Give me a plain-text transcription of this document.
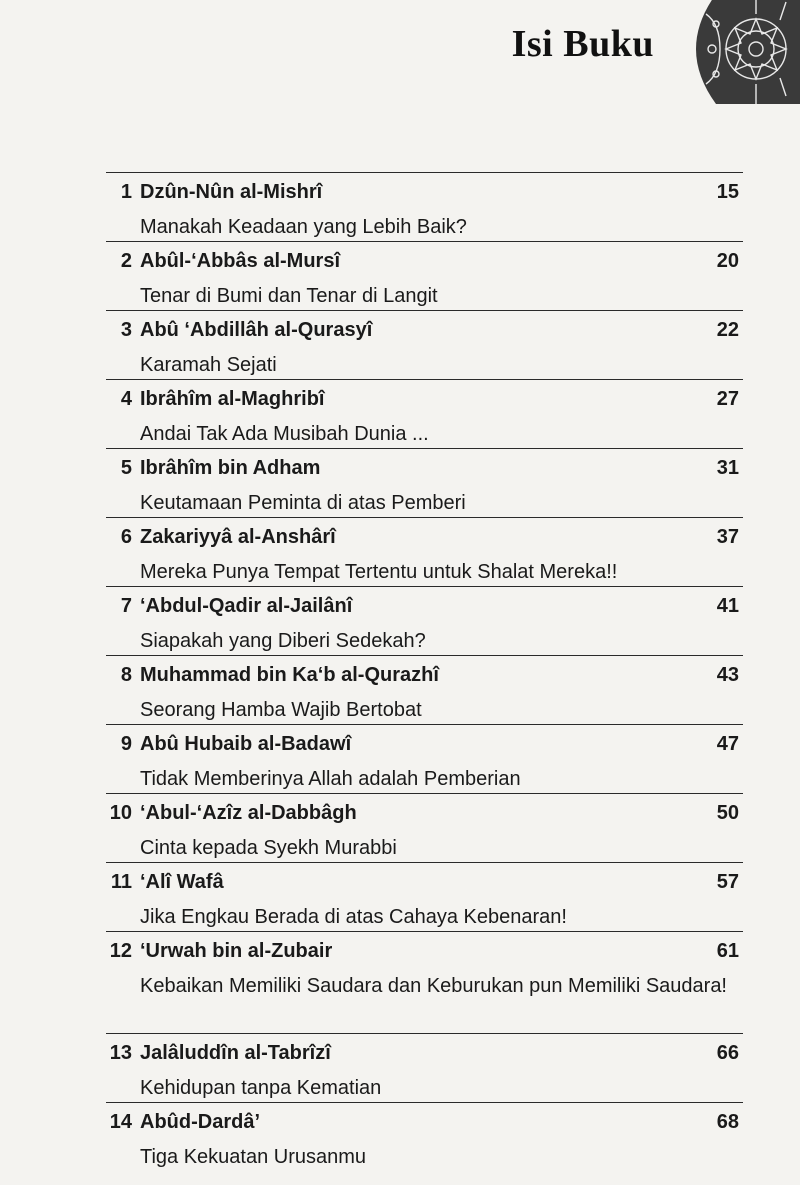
Isi Buku
1 Dzûn-Nûn al-Mishrî	15
Manakah Keadaan yang Lebih Baik?
2 Abûl-‘Abbâs al-Mursî	20
Tenar di Bumi dan Tenar di Langit
3 Abû ‘Abdillâh al-Qurasyî	22
Karamah Sejati
4 Ibrâhîm al-Maghribî	27
Andai Tak Ada Musibah Dunia ...
5 Ibrâhîm bin Adham	31
Keutamaan Peminta di atas Pemberi
6 Zakariyyâ al-Anshârî	37
Mereka Punya Tempat Tertentu untuk Shalat Mereka!!
7 ‘Abdul-Qadir al-Jailânî	41
Siapakah yang Diberi Sedekah?
8 Muhammad bin Ka‘b al-Qurazhî	43
Seorang Hamba Wajib Bertobat
9 Abû Hubaib al-Badawî	47
Tidak Memberinya Allah adalah Pemberian
10 ‘Abul-‘Azîz al-Dabbâgh	50
Cinta kepada Syekh Murabbi
11 ‘Alî Wafâ	57
Jika Engkau Berada di atas Cahaya Kebenaran!
12 ‘Urwah bin al-Zubair	61
Kebaikan Memiliki Saudara dan Keburukan pun Memiliki Saudara!
13 Jalâluddîn al-Tabrîzî	66
Kehidupan tanpa Kematian
14 Abûd-Dardâ’	68
Tiga Kekuatan Urusanmu
